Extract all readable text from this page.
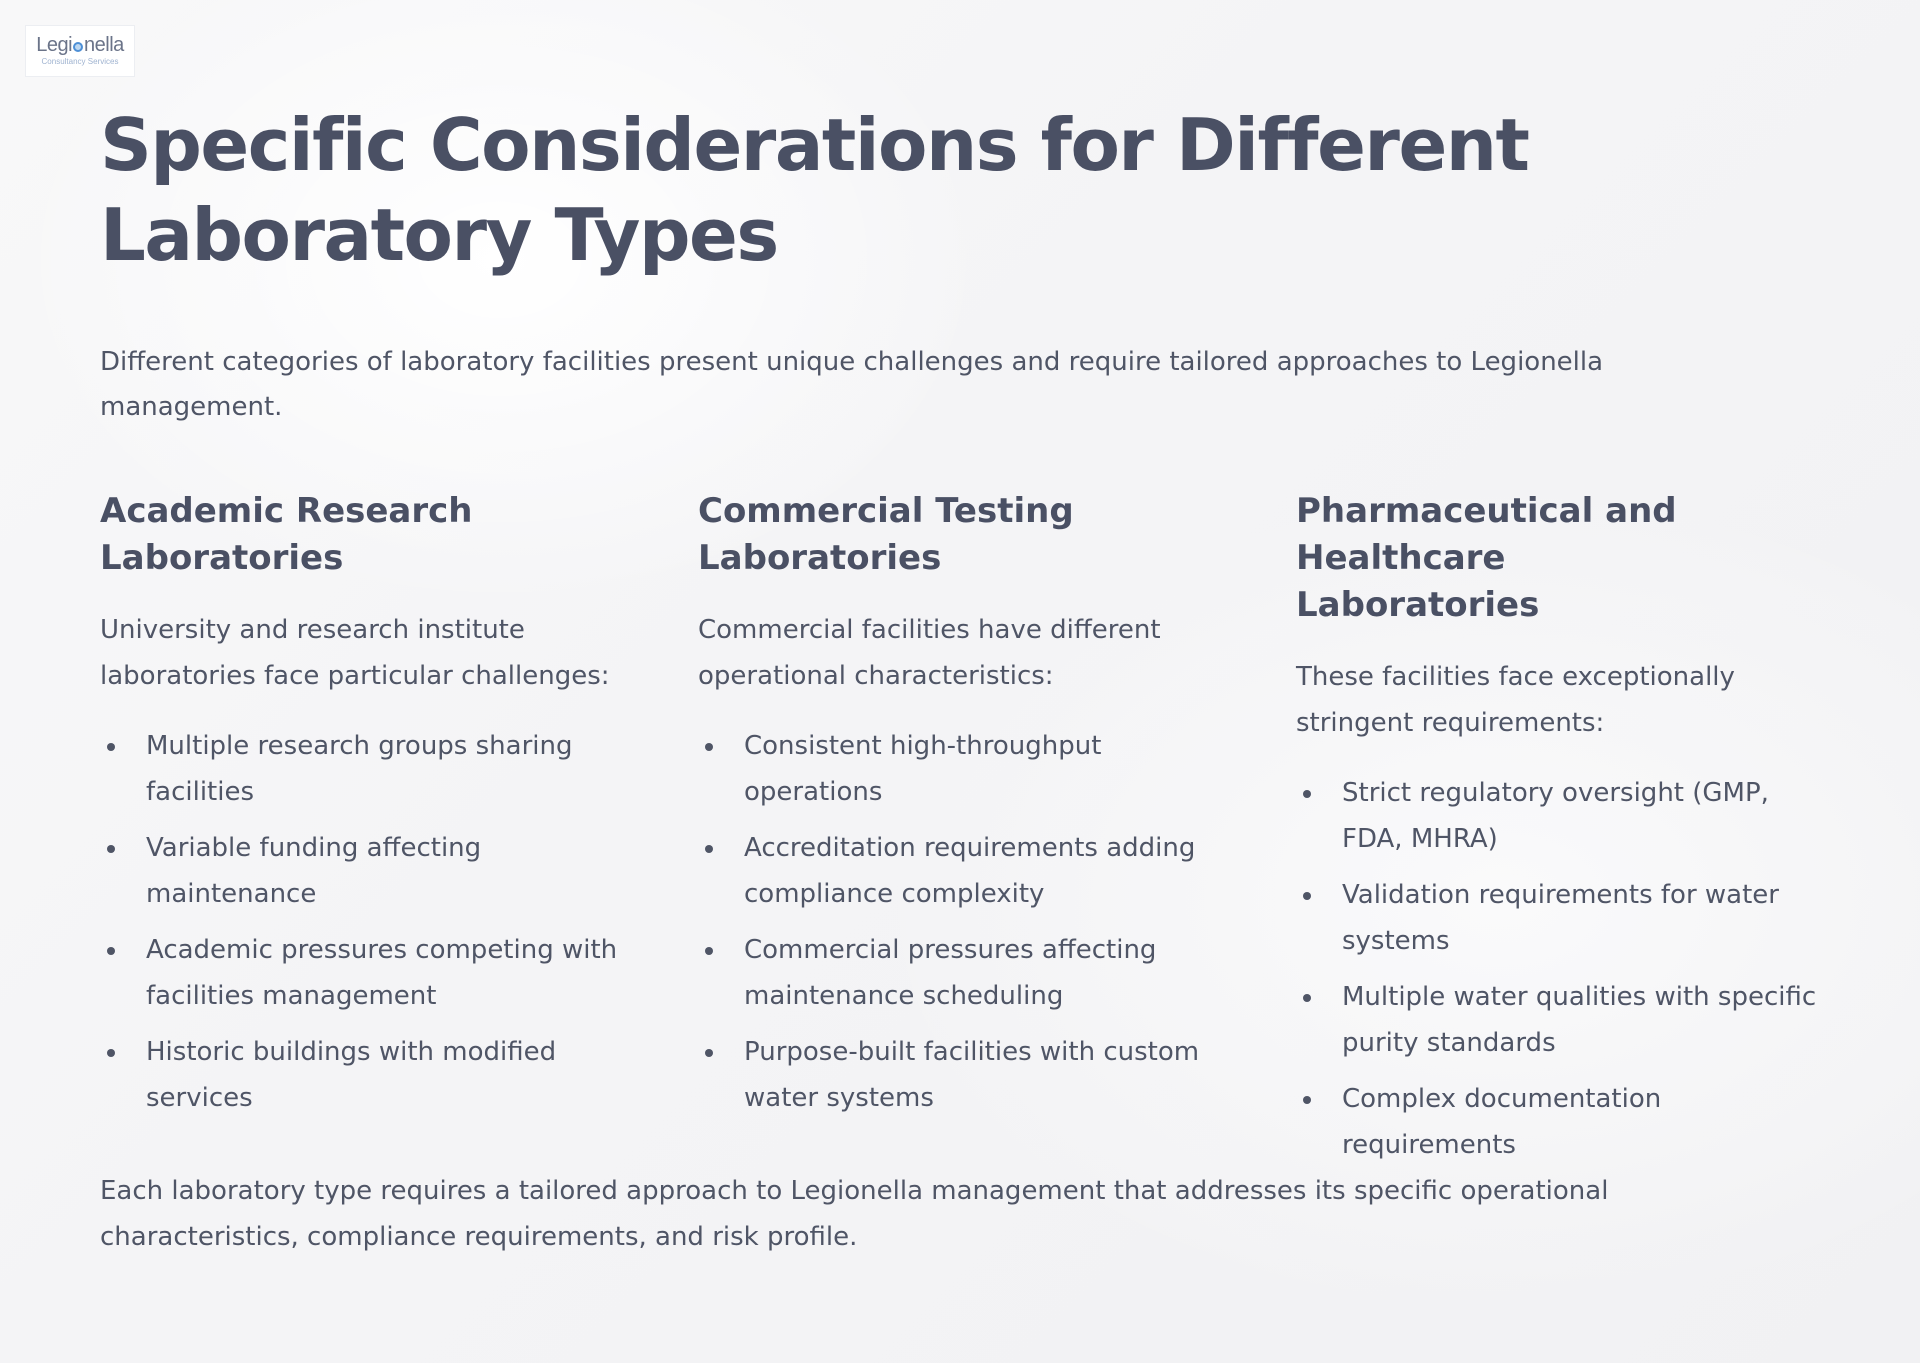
Legi nella
Consultancy Services
Specific Considerations for Different Laboratory Types

Different categories of laboratory facilities present unique challenges and require tailored approaches to Legionella management.

Academic Research Laboratories

University and research institute laboratories face particular challenges:

Multiple research groups sharing facilities
Variable funding affecting maintenance
Academic pressures competing with facilities management
Historic buildings with modified services
Commercial Testing Laboratories

Commercial facilities have different operational characteristics:

Consistent high-throughput operations
Accreditation requirements adding compliance complexity
Commercial pressures affecting maintenance scheduling
Purpose-built facilities with custom water systems
Pharmaceutical and Healthcare Laboratories

These facilities face exceptionally stringent requirements:

Strict regulatory oversight (GMP, FDA, MHRA)
Validation requirements for water systems
Multiple water qualities with specific purity standards
Complex documentation requirements

Each laboratory type requires a tailored approach to Legionella management that addresses its specific operational characteristics, compliance requirements, and risk profile.
